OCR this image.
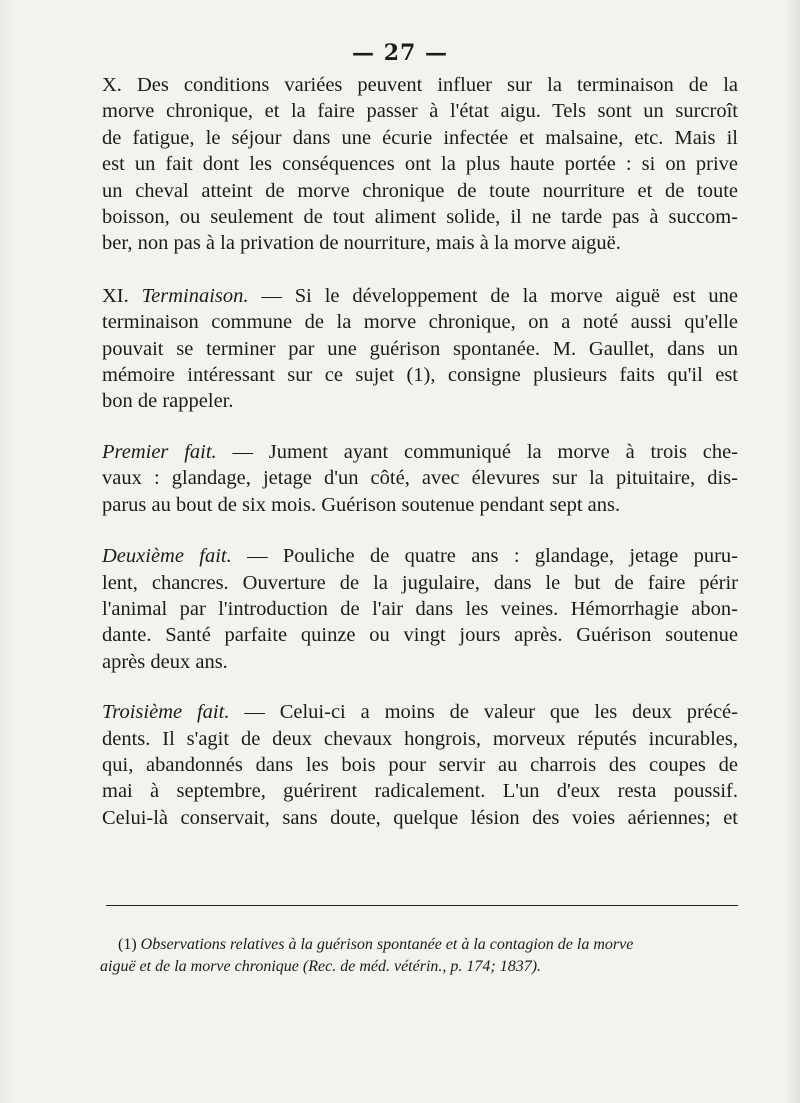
— 27 —

X. Des conditions variées peuvent influer sur la terminaison de la
morve chronique, et la faire passer à l'état aigu. Tels sont un surcroît
de fatigue, le séjour dans une écurie infectée et malsaine, etc. Mais il
est un fait dont les conséquences ont la plus haute portée : si on prive
un cheval atteint de morve chronique de toute nourriture et de toute
boisson, ou seulement de tout aliment solide, il ne tarde pas à succom-
ber, non pas à la privation de nourriture, mais à la morve aiguë.

XI. Terminaison. — Si le développement de la morve aiguë est une
terminaison commune de la morve chronique, on a noté aussi qu'elle
pouvait se terminer par une guérison spontanée. M. Gaullet, dans un
mémoire intéressant sur ce sujet (1), consigne plusieurs faits qu'il est
bon de rappeler.

Premier fait. — Jument ayant communiqué la morve à trois che-
vaux : glandage, jetage d'un côté, avec élevures sur la pituitaire, dis-
parus au bout de six mois. Guérison soutenue pendant sept ans.

Deuxième fait. — Pouliche de quatre ans : glandage, jetage puru-
lent, chancres. Ouverture de la jugulaire, dans le but de faire périr
l'animal par l'introduction de l'air dans les veines. Hémorrhagie abon-
dante. Santé parfaite quinze ou vingt jours après. Guérison soutenue
après deux ans.

Troisième fait. — Celui-ci a moins de valeur que les deux précé-
dents. Il s'agit de deux chevaux hongrois, morveux réputés incurables,
qui, abandonnés dans les bois pour servir au charrois des coupes de
mai à septembre, guérirent radicalement. L'un d'eux resta poussif.
Celui-là conservait, sans doute, quelque lésion des voies aériennes; et

(1) Observations relatives à la guérison spontanée et à la contagion de la morve
aiguë et de la morve chronique (Rec. de méd. vétérin., p. 174; 1837).
